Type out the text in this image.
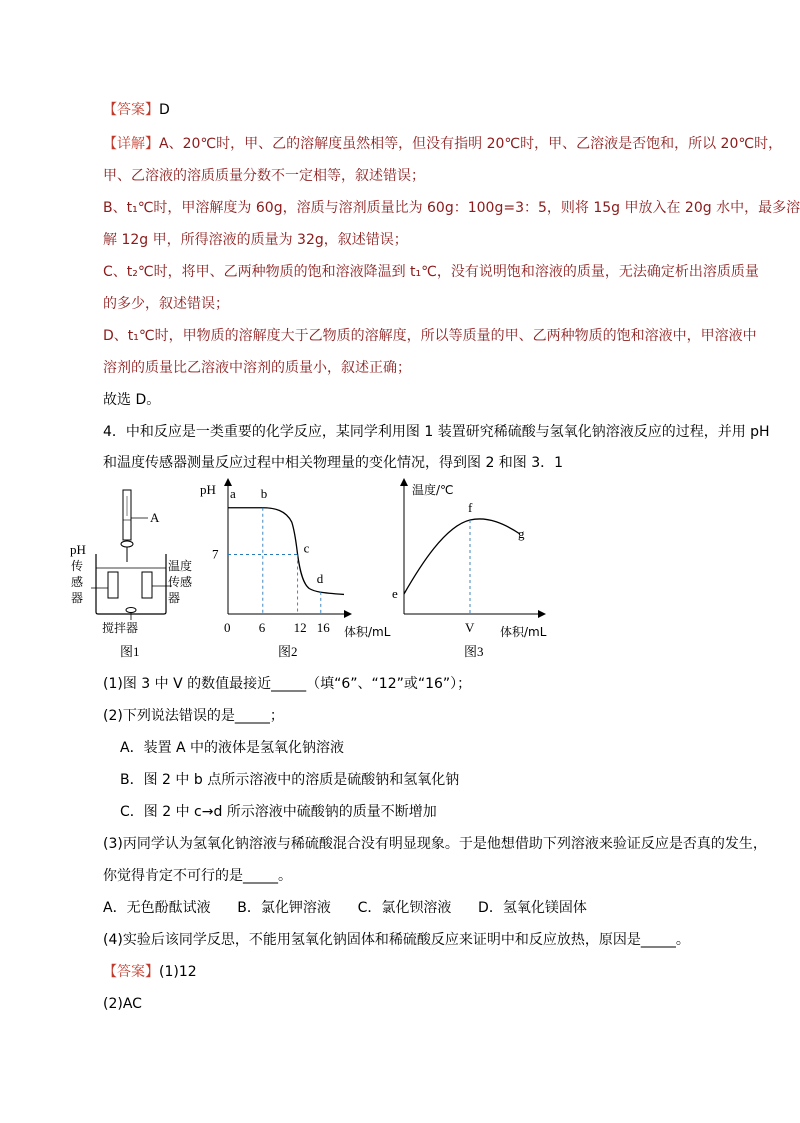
【答案】D
【详解】A、20℃时，甲、乙的溶解度虽然相等，但没有指明 20℃时，甲、乙溶液是否饱和，所以 20℃时，
甲、乙溶液的溶质质量分数不一定相等，叙述错误；
B、t₁℃时，甲溶解度为 60g，溶质与溶剂质量比为 60g：100g=3：5，则将 15g 甲放入在 20g 水中，最多溶
解 12g 甲，所得溶液的质量为 32g，叙述错误；
C、t₂℃时，将甲、乙两种物质的饱和溶液降温到 t₁℃，没有说明饱和溶液的质量，无法确定析出溶质质量
的多少，叙述错误；
D、t₁℃时，甲物质的溶解度大于乙物质的溶解度，所以等质量的甲、乙两种物质的饱和溶液中，甲溶液中
溶剂的质量比乙溶液中溶剂的质量小，叙述正确；
故选 D。
4．中和反应是一类重要的化学反应，某同学利用图 1 装置研究稀硫酸与氢氧化钠溶液反应的过程，并用 pH
和温度传感器测量反应过程中相关物理量的变化情况，得到图 2 和图 3．1
A
pH
传
感
器
温度
传感
器
搅拌器
图1
pH
体积/mL
图2
a b
c
d
0 6 12 16
7
温度/℃
体积/mL
图3
e
f
g
V
(1)图 3 中 V 的数值最接近_____（填“6”、“12”或“16”）；
(2)下列说法错误的是_____；
A．装置 A 中的液体是氢氧化钠溶液
B．图 2 中 b 点所示溶液中的溶质是硫酸钠和氢氧化钠
C．图 2 中 c→d 所示溶液中硫酸钠的质量不断增加
(3)丙同学认为氢氧化钠溶液与稀硫酸混合没有明显现象。于是他想借助下列溶液来验证反应是否真的发生，
你觉得肯定不可行的是_____。
A．无色酚酞试液      B．氯化钾溶液      C．氯化钡溶液      D．氢氧化镁固体
(4)实验后该同学反思，不能用氢氧化钠固体和稀硫酸反应来证明中和反应放热，原因是_____。
【答案】(1)12
(2)AC
